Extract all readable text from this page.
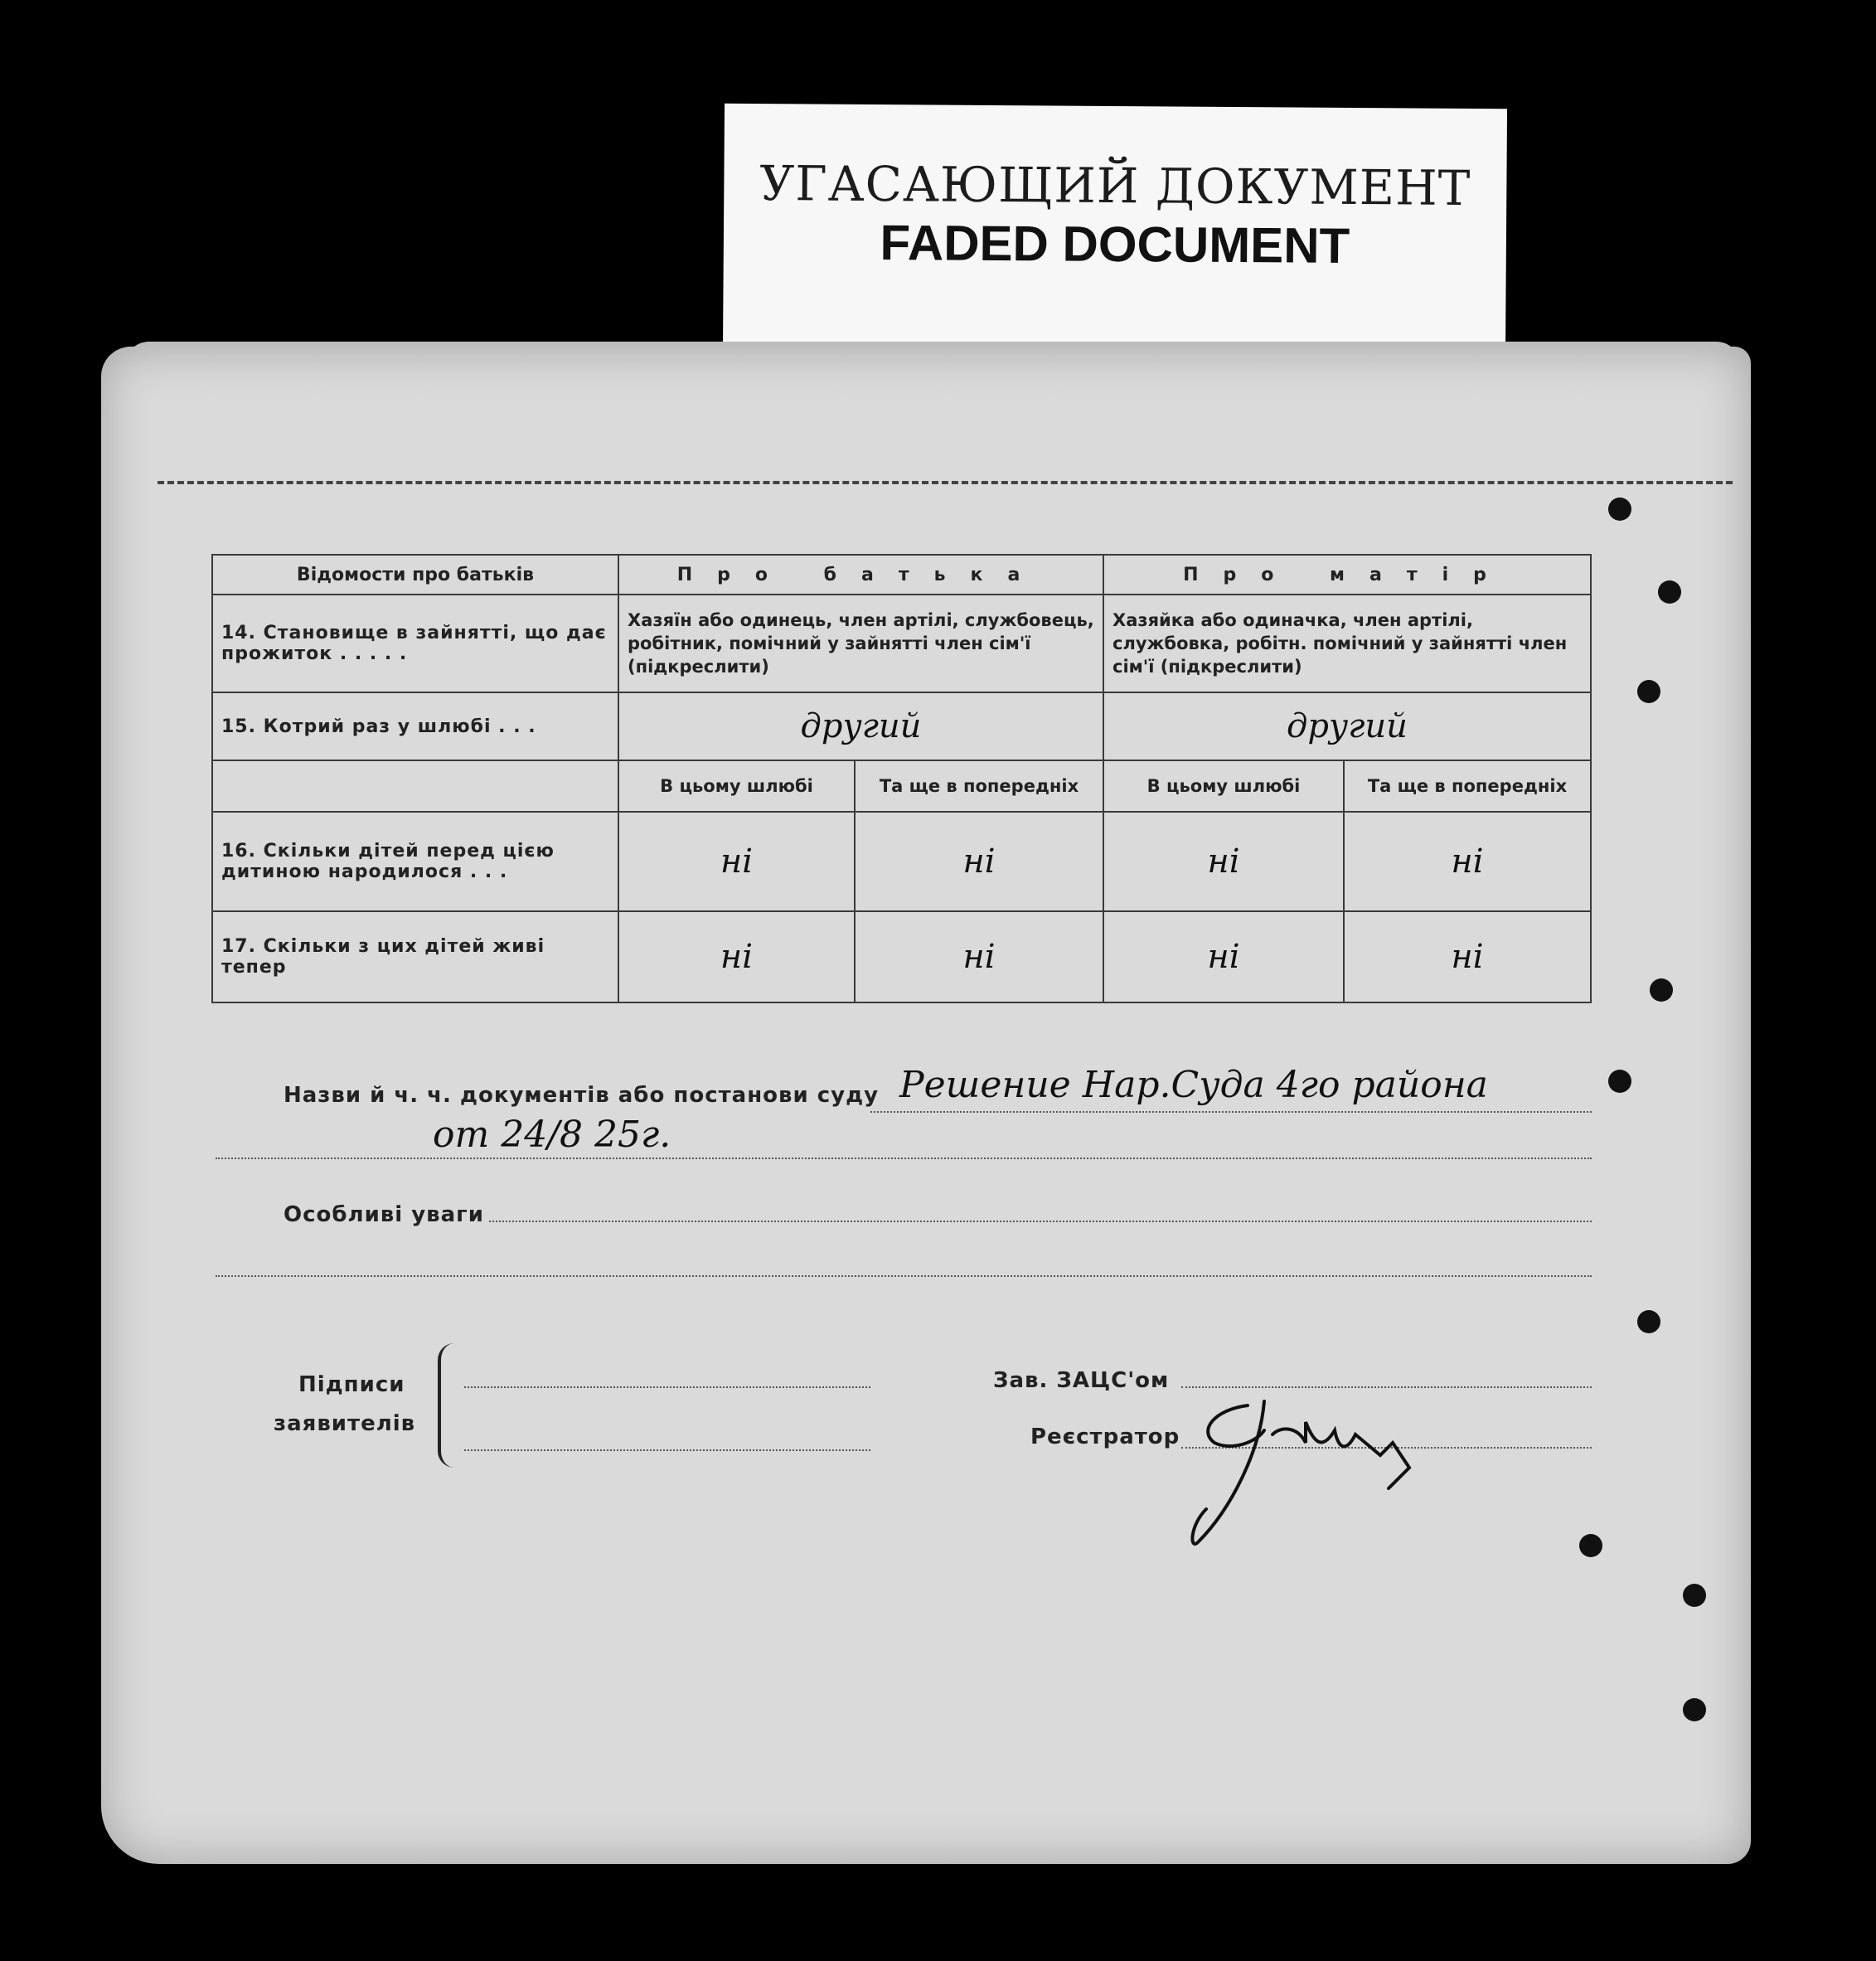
УГАСАЮЩИЙ ДОКУМЕНТ
FADED DOCUMENT
Відомости про батьків	Про батька		Про матір	
14. Становище в зайнятті, що дає прожиток . . . . .	Хазяїн або одинець, член артілі, службовець, робітник, помічний у зайнятті член сім'ї (підкреслити)		Хазяйка або одиначка, член артілі, службовка, робітн. помічний у зайнятті член сім'ї (підкреслити)	
15. Котрий раз у шлюбі . . .	другий		другий	
	В цьому шлюбі	Та ще в попередніх	В цьому шлюбі	Та ще в попередніх
16. Скільки дітей перед цією дитиною народилося . . .	ні	ні	ні	ні
17. Скільки з цих дітей живі тепер	ні	ні	ні	ні
Назви й ч. ч. документів або постанови суду Решение Нар.Суда 4го района
от 24/8 25г.
Особливі уваги
Підписи
заявителів
Зав. ЗАЦС'ом
Реєстратор
